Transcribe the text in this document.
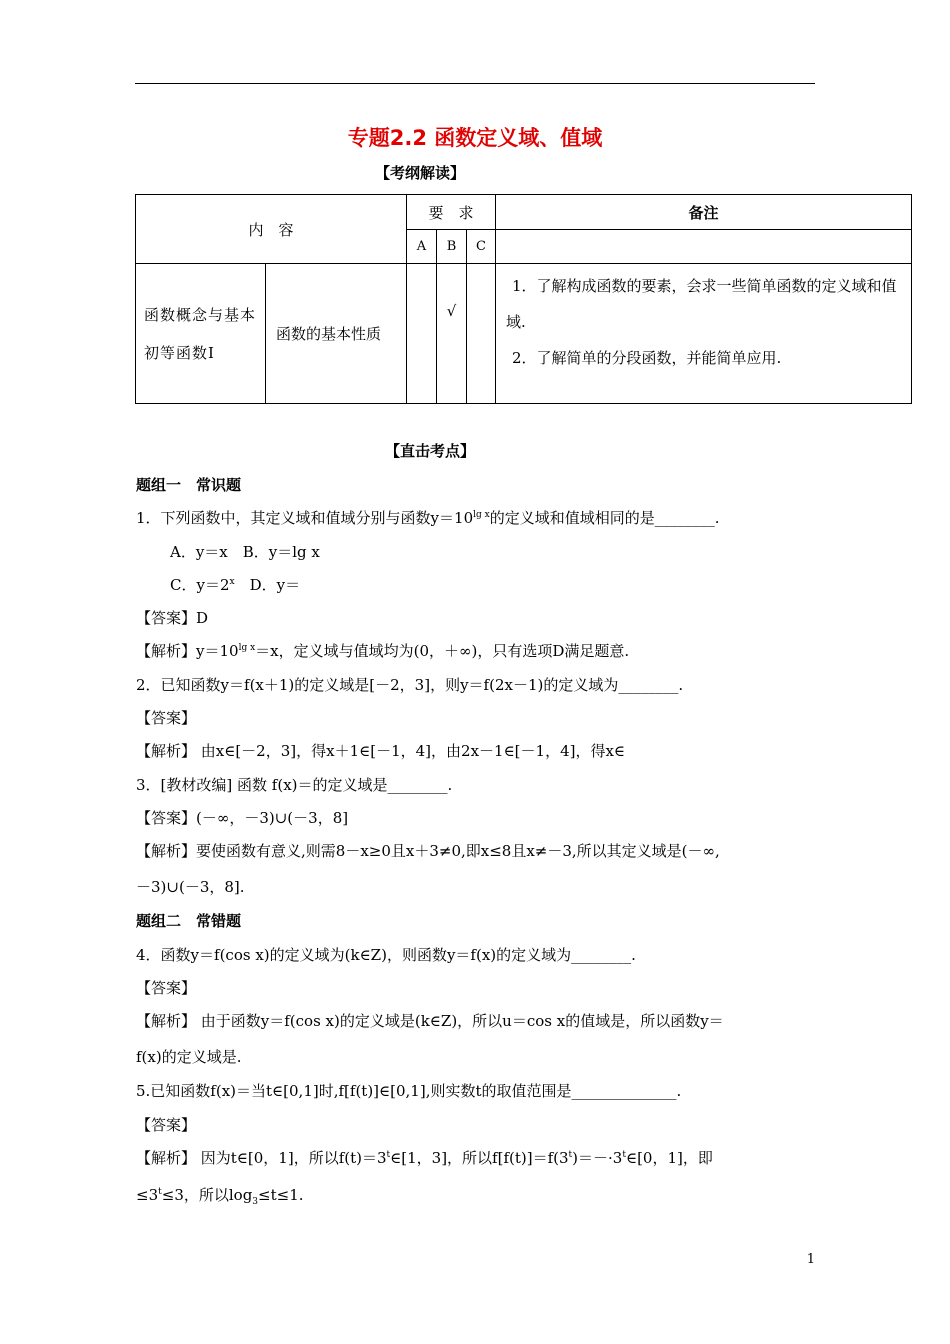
专题2.2 函数定义域、值域
【考纲解读】
内　容		要　求			备注
		A	B	C	
函数概念与基本初等函数Ⅰ	函数的基本性质		√		1．了解构成函数的要素，会求一些简单函数的定义域和值域.
2．了解简单的分段函数，并能简单应用.
【直击考点】
题组一　常识题
1．下列函数中，其定义域和值域分别与函数$y=10^{lg x}$的定义域和值域相同的是________.
A．y＝x　B．y＝lg x
C．$y=2^x$　D．y＝
【答案】D
【解析】$y=10^{lg x}=x$，定义域与值域均为(0，＋∞)，只有选项D满足题意.
2．已知函数y＝f(x＋1)的定义域是[－2，3]，则y＝f(2x－1)的定义域为________.
【答案】
【解析】 由x∈[－2，3]，得x＋1∈[－1，4]，由2x－1∈[－1，4]，得x∈
3．[教材改编] 函数 f(x)＝的定义域是________.
【答案】(－∞，－3)∪(－3，8]
【解析】要使函数有意义,则需8－x≥0且x＋3≠0,即x≤8且x≠－3,所以其定义域是(－∞,
－3)∪(－3，8].
题组二　常错题
4．函数y＝f(cos x)的定义域为(k∈Z)，则函数y＝f(x)的定义域为________.
【答案】
【解析】 由于函数y＝f(cos x)的定义域是(k∈Z)，所以u＝cos x的值域是，所以函数y＝
f(x)的定义域是.
5.已知函数f(x)＝当t∈[0,1]时,f[f(t)]∈[0,1],则实数t的取值范围是______________.
【答案】
【解析】 因为t∈[0，1]，所以$f(t)=3^t\in[1$，3]，所以$f[f(t)]=f(3^t)=-\cdot 3^t\in[0$，1]，即
$\le 3^t\le 3$，所以$\log_3\le t\le 1$.
1
